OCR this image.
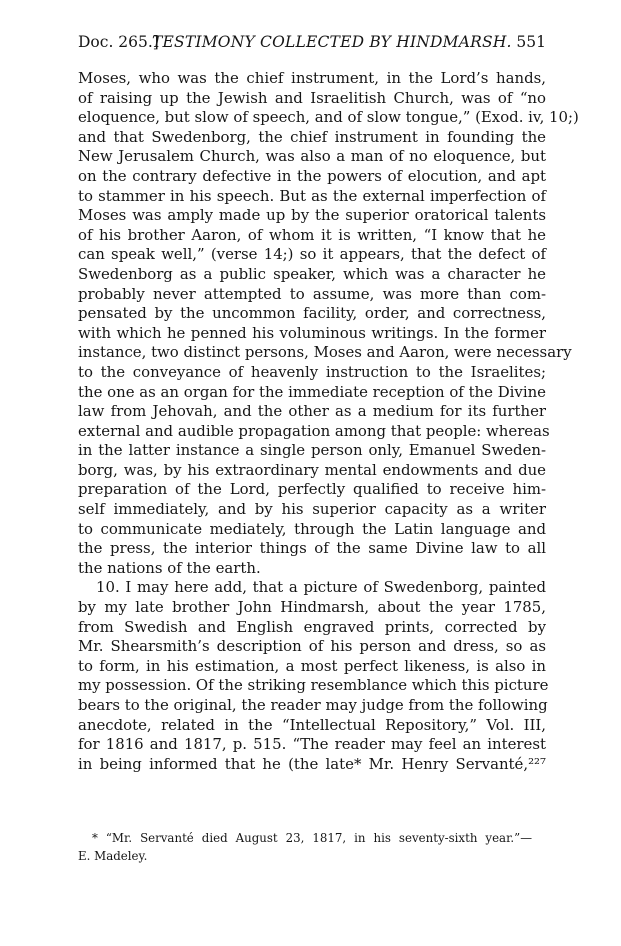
Doc. 265.]
TESTIMONY COLLECTED BY HINDMARSH. 551
Moses, who was the chief instrument, in the Lord’s hands,
of raising up the Jewish and Israelitish Church, was of “no
eloquence, but slow of speech, and of slow tongue,” (Exod. iv, 10;)
and that Swedenborg, the chief instrument in founding the
New Jerusalem Church, was also a man of no eloquence, but
on the contrary defective in the powers of elocution, and apt
to stammer in his speech. But as the external imperfection of
Moses was amply made up by the superior oratorical talents
of his brother Aaron, of whom it is written, “I know that he
can speak well,” (verse 14;) so it appears, that the defect of
Swedenborg as a public speaker, which was a character he
probably never attempted to assume, was more than com-
pensated by the uncommon facility, order, and correctness,
with which he penned his voluminous writings. In the former
instance, two distinct persons, Moses and Aaron, were necessary
to the conveyance of heavenly instruction to the Israelites;
the one as an organ for the immediate reception of the Divine
law from Jehovah, and the other as a medium for its further
external and audible propagation among that people: whereas
in the latter instance a single person only, Emanuel Sweden-
borg, was, by his extraordinary mental endowments and due
preparation of the Lord, perfectly qualified to receive him-
self immediately, and by his superior capacity as a writer
to communicate mediately, through the Latin language and
the press, the interior things of the same Divine law to all
the nations of the earth.
10. I may here add, that a picture of Swedenborg, painted
by my late brother John Hindmarsh, about the year 1785,
from Swedish and English engraved prints, corrected by
Mr. Shearsmith’s description of his person and dress, so as
to form, in his estimation, a most perfect likeness, is also in
my possession. Of the striking resemblance which this picture
bears to the original, the reader may judge from the following
anecdote, related in the “Intellectual Repository,” Vol. III,
for 1816 and 1817, p. 515. “The reader may feel an interest
in being informed that he (the late* Mr. Henry Servanté,²²⁷
* “Mr. Servanté died August 23, 1817, in his seventy-sixth year.”—
E. Madeley.
